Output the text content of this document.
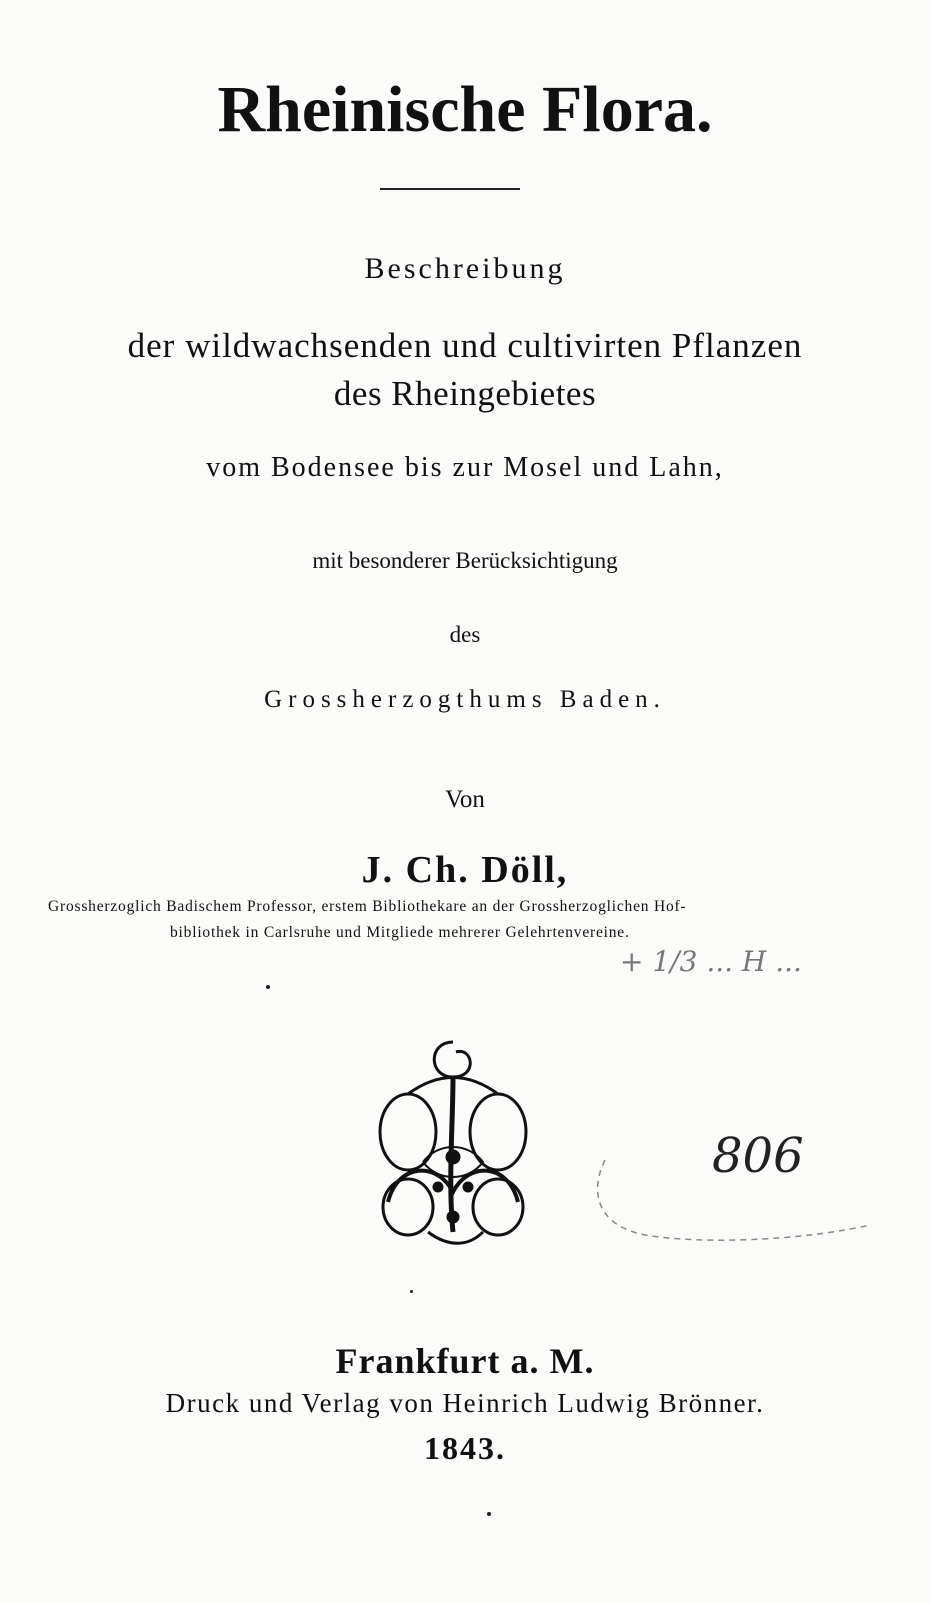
Rheinische Flora.
Beschreibung
der wildwachsenden und cultivirten Pflanzen
des Rheingebietes
vom Bodensee bis zur Mosel und Lahn,
mit besonderer Berücksichtigung
des
Grossherzogthums Baden.
Von
J. Ch. Döll,
Grossherzoglich Badischem Professor, erstem Bibliothekare an der Grossherzoglichen Hof-
bibliothek in Carlsruhe und Mitgliede mehrerer Gelehrtenvereine.
+ 1/3 ... H ...
806
Frankfurt a. M.
Druck und Verlag von Heinrich Ludwig Brönner.
1843.
